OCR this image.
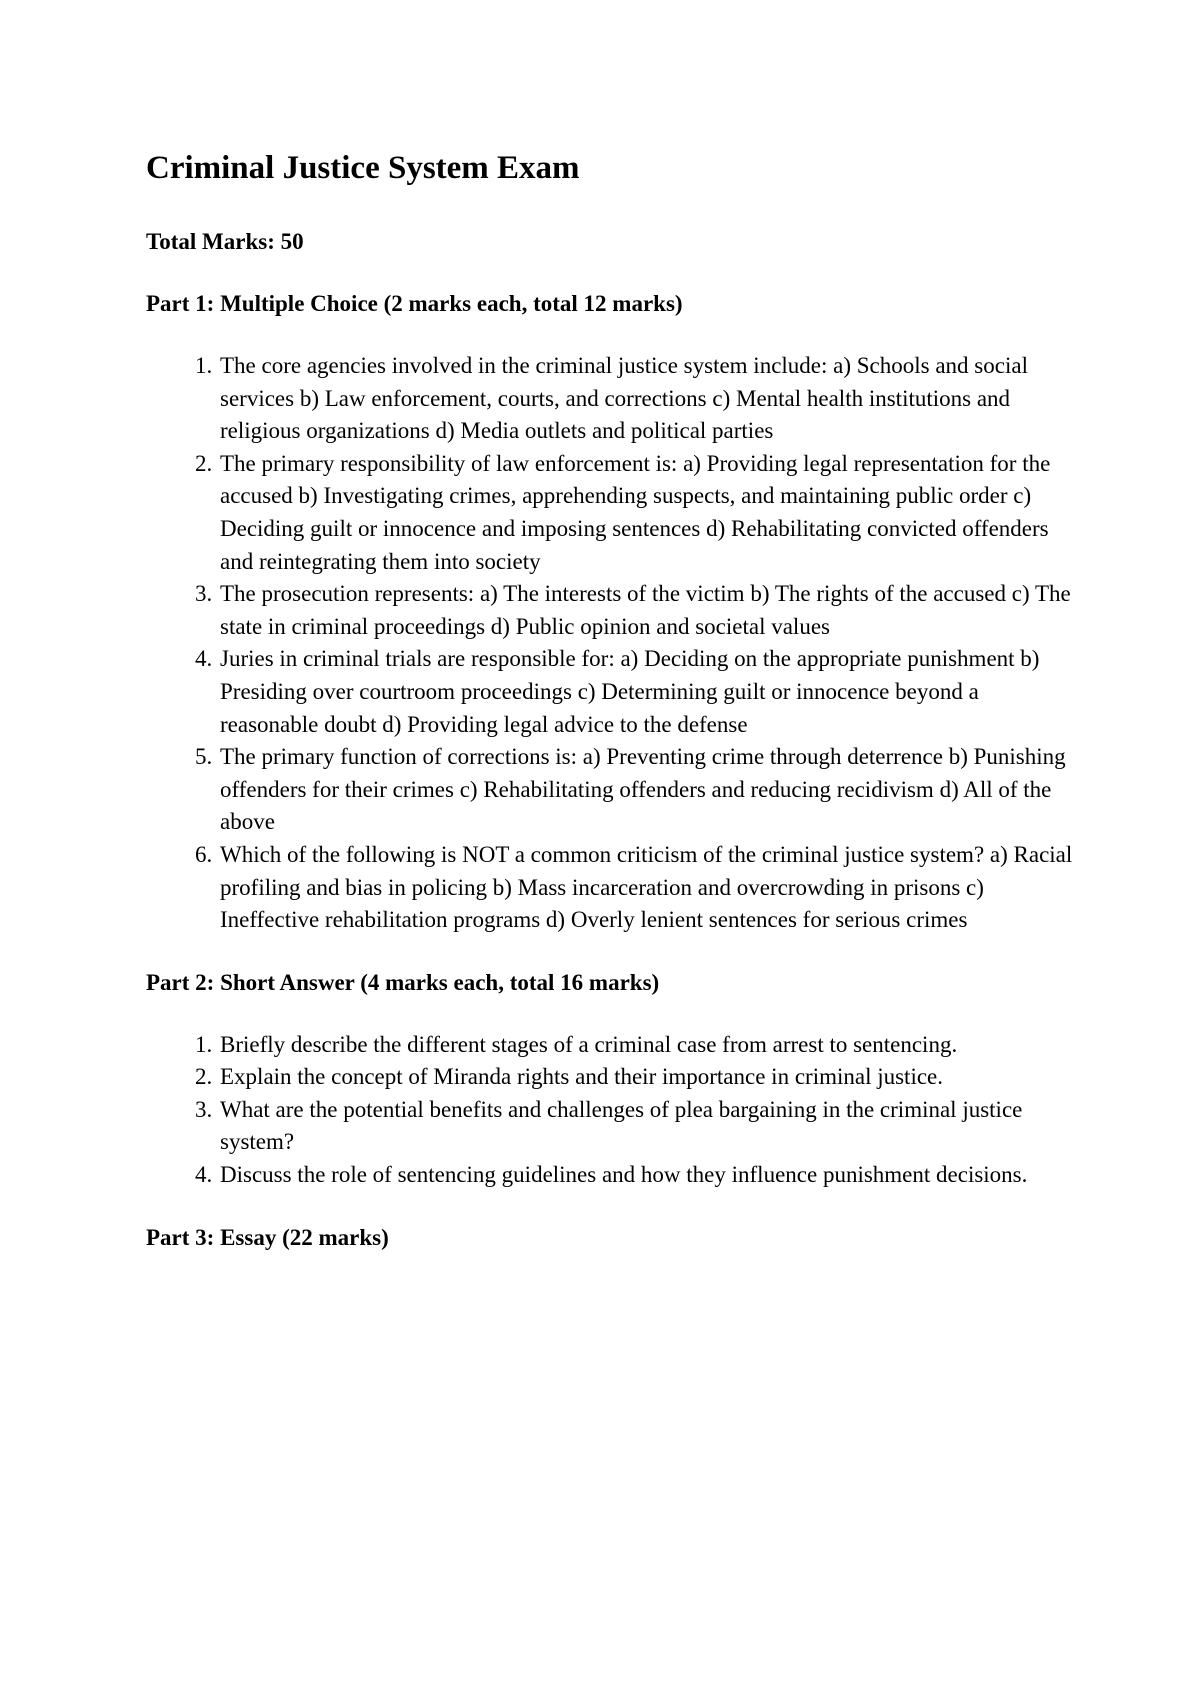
Criminal Justice System Exam

Total Marks: 50

Part 1: Multiple Choice (2 marks each, total 12 marks)

1. The core agencies involved in the criminal justice system include: a) Schools and social services b) Law enforcement, courts, and corrections c) Mental health institutions and religious organizations d) Media outlets and political parties
2. The primary responsibility of law enforcement is: a) Providing legal representation for the accused b) Investigating crimes, apprehending suspects, and maintaining public order c) Deciding guilt or innocence and imposing sentences d) Rehabilitating convicted offenders and reintegrating them into society
3. The prosecution represents: a) The interests of the victim b) The rights of the accused c) The state in criminal proceedings d) Public opinion and societal values
4. Juries in criminal trials are responsible for: a) Deciding on the appropriate punishment b) Presiding over courtroom proceedings c) Determining guilt or innocence beyond a reasonable doubt d) Providing legal advice to the defense
5. The primary function of corrections is: a) Preventing crime through deterrence b) Punishing offenders for their crimes c) Rehabilitating offenders and reducing recidivism d) All of the above
6. Which of the following is NOT a common criticism of the criminal justice system? a) Racial profiling and bias in policing b) Mass incarceration and overcrowding in prisons c) Ineffective rehabilitation programs d) Overly lenient sentences for serious crimes

Part 2: Short Answer (4 marks each, total 16 marks)

1. Briefly describe the different stages of a criminal case from arrest to sentencing.
2. Explain the concept of Miranda rights and their importance in criminal justice.
3. What are the potential benefits and challenges of plea bargaining in the criminal justice system?
4. Discuss the role of sentencing guidelines and how they influence punishment decisions.

Part 3: Essay (22 marks)
